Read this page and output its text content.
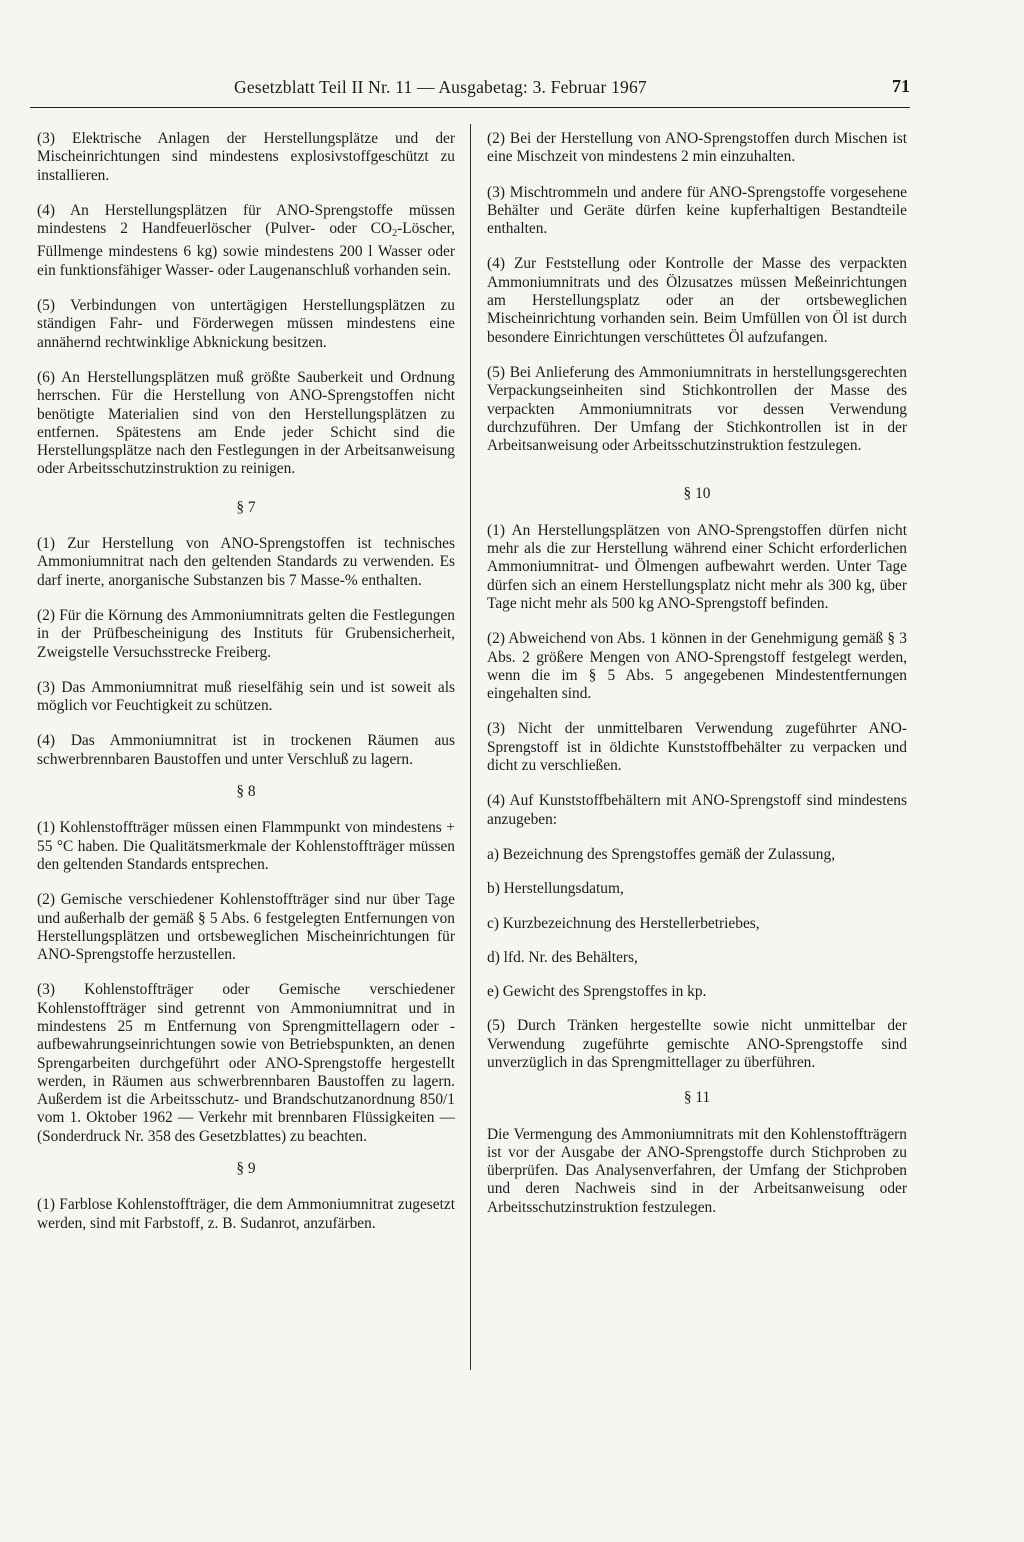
Gesetzblatt Teil II Nr. 11 — Ausgabetag: 3. Februar 1967	71

(3) Elektrische Anlagen der Herstellungsplätze und der Mischeinrichtungen sind mindestens explosivstoffgeschützt zu installieren.

(4) An Herstellungsplätzen für ANO-Sprengstoffe müssen mindestens 2 Handfeuerlöscher (Pulver- oder $CO_2$-Löscher, Füllmenge mindestens 6 kg) sowie mindestens 200 l Wasser oder ein funktionsfähiger Wasser- oder Laugenanschluß vorhanden sein.

(5) Verbindungen von untertägigen Herstellungsplätzen zu ständigen Fahr- und Förderwegen müssen mindestens eine annähernd rechtwinklige Abknickung besitzen.

(6) An Herstellungsplätzen muß größte Sauberkeit und Ordnung herrschen. Für die Herstellung von ANO-Sprengstoffen nicht benötigte Materialien sind von den Herstellungsplätzen zu entfernen. Spätestens am Ende jeder Schicht sind die Herstellungsplätze nach den Festlegungen in der Arbeitsanweisung oder Arbeitsschutzinstruktion zu reinigen.

§ 7

(1) Zur Herstellung von ANO-Sprengstoffen ist technisches Ammoniumnitrat nach den geltenden Standards zu verwenden. Es darf inerte, anorganische Substanzen bis 7 Masse-% enthalten.

(2) Für die Körnung des Ammoniumnitrats gelten die Festlegungen in der Prüfbescheinigung des Instituts für Grubensicherheit, Zweigstelle Versuchsstrecke Freiberg.

(3) Das Ammoniumnitrat muß rieselfähig sein und ist soweit als möglich vor Feuchtigkeit zu schützen.

(4) Das Ammoniumnitrat ist in trockenen Räumen aus schwerbrennbaren Baustoffen und unter Verschluß zu lagern.

§ 8

(1) Kohlenstoffträger müssen einen Flammpunkt von mindestens + 55 °C haben. Die Qualitätsmerkmale der Kohlenstoffträger müssen den geltenden Standards entsprechen.

(2) Gemische verschiedener Kohlenstoffträger sind nur über Tage und außerhalb der gemäß § 5 Abs. 6 festgelegten Entfernungen von Herstellungsplätzen und ortsbeweglichen Mischeinrichtungen für ANO-Sprengstoffe herzustellen.

(3) Kohlenstoffträger oder Gemische verschiedener Kohlenstoffträger sind getrennt von Ammoniumnitrat und in mindestens 25 m Entfernung von Sprengmittellagern oder -aufbewahrungseinrichtungen sowie von Betriebspunkten, an denen Sprengarbeiten durchgeführt oder ANO-Sprengstoffe hergestellt werden, in Räumen aus schwerbrennbaren Baustoffen zu lagern. Außerdem ist die Arbeitsschutz- und Brandschutzanordnung 850/1 vom 1. Oktober 1962 — Verkehr mit brennbaren Flüssigkeiten — (Sonderdruck Nr. 358 des Gesetzblattes) zu beachten.

§ 9

(1) Farblose Kohlenstoffträger, die dem Ammoniumnitrat zugesetzt werden, sind mit Farbstoff, z. B. Sudanrot, anzufärben.

(2) Bei der Herstellung von ANO-Sprengstoffen durch Mischen ist eine Mischzeit von mindestens 2 min einzuhalten.

(3) Mischtrommeln und andere für ANO-Sprengstoffe vorgesehene Behälter und Geräte dürfen keine kupferhaltigen Bestandteile enthalten.

(4) Zur Feststellung oder Kontrolle der Masse des verpackten Ammoniumnitrats und des Ölzusatzes müssen Meßeinrichtungen am Herstellungsplatz oder an der ortsbeweglichen Mischeinrichtung vorhanden sein. Beim Umfüllen von Öl ist durch besondere Einrichtungen verschüttetes Öl aufzufangen.

(5) Bei Anlieferung des Ammoniumnitrats in herstellungsgerechten Verpackungseinheiten sind Stichkontrollen der Masse des verpackten Ammoniumnitrats vor dessen Verwendung durchzuführen. Der Umfang der Stichkontrollen ist in der Arbeitsanweisung oder Arbeitsschutzinstruktion festzulegen.

§ 10

(1) An Herstellungsplätzen von ANO-Sprengstoffen dürfen nicht mehr als die zur Herstellung während einer Schicht erforderlichen Ammoniumnitrat- und Ölmengen aufbewahrt werden. Unter Tage dürfen sich an einem Herstellungsplatz nicht mehr als 300 kg, über Tage nicht mehr als 500 kg ANO-Sprengstoff befinden.

(2) Abweichend von Abs. 1 können in der Genehmigung gemäß § 3 Abs. 2 größere Mengen von ANO-Sprengstoff festgelegt werden, wenn die im § 5 Abs. 5 angegebenen Mindestentfernungen eingehalten sind.

(3) Nicht der unmittelbaren Verwendung zugeführter ANO-Sprengstoff ist in öldichte Kunststoffbehälter zu verpacken und dicht zu verschließen.

(4) Auf Kunststoffbehältern mit ANO-Sprengstoff sind mindestens anzugeben:

a) Bezeichnung des Sprengstoffes gemäß der Zulassung,

b) Herstellungsdatum,

c) Kurzbezeichnung des Herstellerbetriebes,

d) lfd. Nr. des Behälters,

e) Gewicht des Sprengstoffes in kp.

(5) Durch Tränken hergestellte sowie nicht unmittelbar der Verwendung zugeführte gemischte ANO-Sprengstoffe sind unverzüglich in das Sprengmittellager zu überführen.

§ 11

Die Vermengung des Ammoniumnitrats mit den Kohlenstoffträgern ist vor der Ausgabe der ANO-Sprengstoffe durch Stichproben zu überprüfen. Das Analysenverfahren, der Umfang der Stichproben und deren Nachweis sind in der Arbeitsanweisung oder Arbeitsschutzinstruktion festzulegen.
